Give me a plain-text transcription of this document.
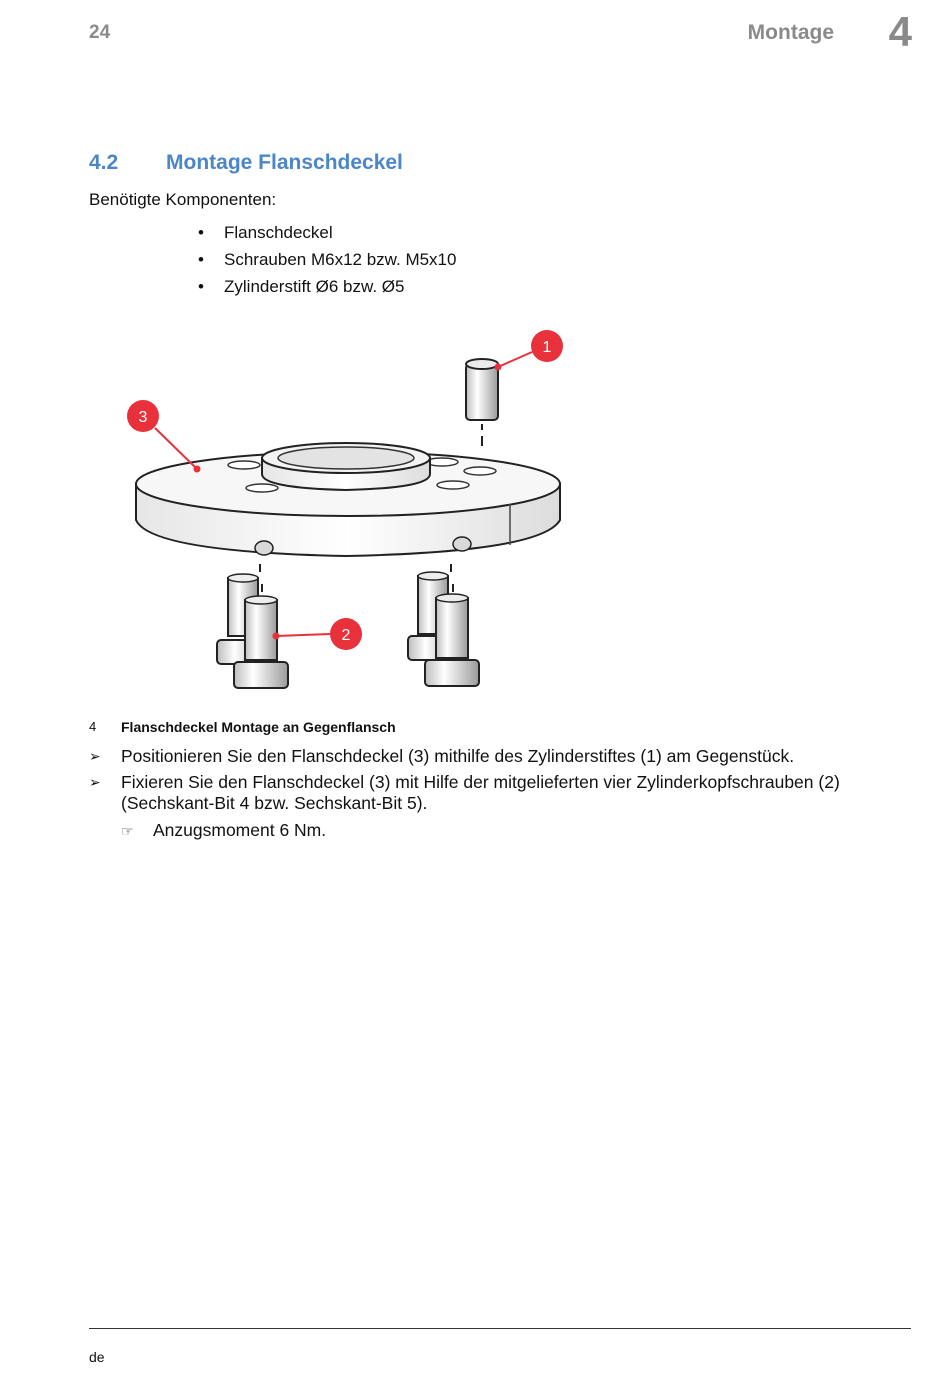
24	Montage 4
4.2 Montage Flanschdeckel
Benötigte Komponenten:
• Flanschdeckel
• Schrauben M6x12 bzw. M5x10
• Zylinderstift Ø6 bzw. Ø5
1
2
3
4 Flanschdeckel Montage an Gegenflansch
➢	Positionieren Sie den Flanschdeckel (3) mithilfe des Zylinderstiftes (1) am Gegenstück.
➢	Fixieren Sie den Flanschdeckel (3) mit Hilfe der mitgelieferten vier Zylinderkopfschrauben (2) (Sechskant-Bit 4 bzw. Sechskant-Bit 5).
☞ Anzugsmoment 6 Nm.
de
